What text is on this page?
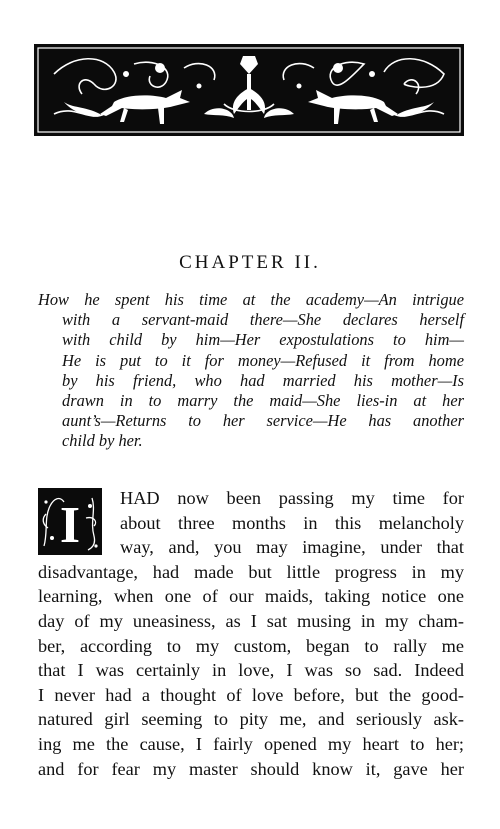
CHAPTER II.
How he spent his time at the academy—An intrigue
with a servant-maid there—She declares herself
with child by him—Her expostulations to him—
He is put to it for money—Refused it from home
by his friend, who had married his mother—Is
drawn in to marry the maid—She lies-in at her
aunt’s—Returns to her service—He has another
child by her.
I	HAD now been passing my time for
about three months in this melancholy
way, and, you may imagine, under that
disadvantage, had made but little progress in my
learning, when one of our maids, taking notice one
day of my uneasiness, as I sat musing in my cham-
ber, according to my custom, began to rally me
that I was certainly in love, I was so sad. Indeed
I never had a thought of love before, but the good-
natured girl seeming to pity me, and seriously ask-
ing me the cause, I fairly opened my heart to her;
and for fear my master should know it, gave her
